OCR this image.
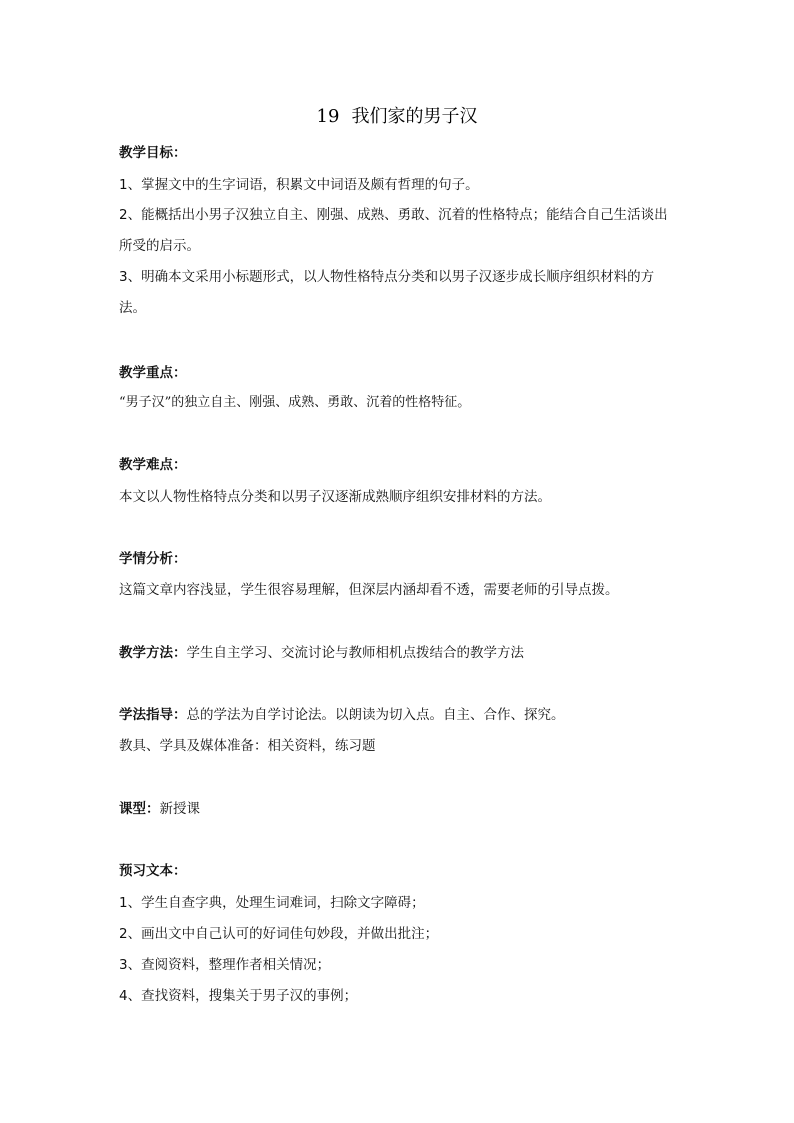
19 我们家的男子汉
教学目标：
1、掌握文中的生字词语，积累文中词语及颇有哲理的句子。
2、能概括出小男子汉独立自主、刚强、成熟、勇敢、沉着的性格特点；能结合自己生活谈出所受的启示。
3、明确本文采用小标题形式，以人物性格特点分类和以男子汉逐步成长顺序组织材料的方法。
教学重点：
“男子汉”的独立自主、刚强、成熟、勇敢、沉着的性格特征。
教学难点：
本文以人物性格特点分类和以男子汉逐渐成熟顺序组织安排材料的方法。
学情分析：
这篇文章内容浅显，学生很容易理解，但深层内涵却看不透，需要老师的引导点拨。
教学方法：学生自主学习、交流讨论与教师相机点拨结合的教学方法
学法指导：总的学法为自学讨论法。以朗读为切入点。自主、合作、探究。
教具、学具及媒体准备：相关资料，练习题
课型：新授课
预习文本：
1、学生自查字典，处理生词难词，扫除文字障碍；
2、画出文中自己认可的好词佳句妙段，并做出批注；
3、查阅资料，整理作者相关情况；
4、查找资料，搜集关于男子汉的事例；
